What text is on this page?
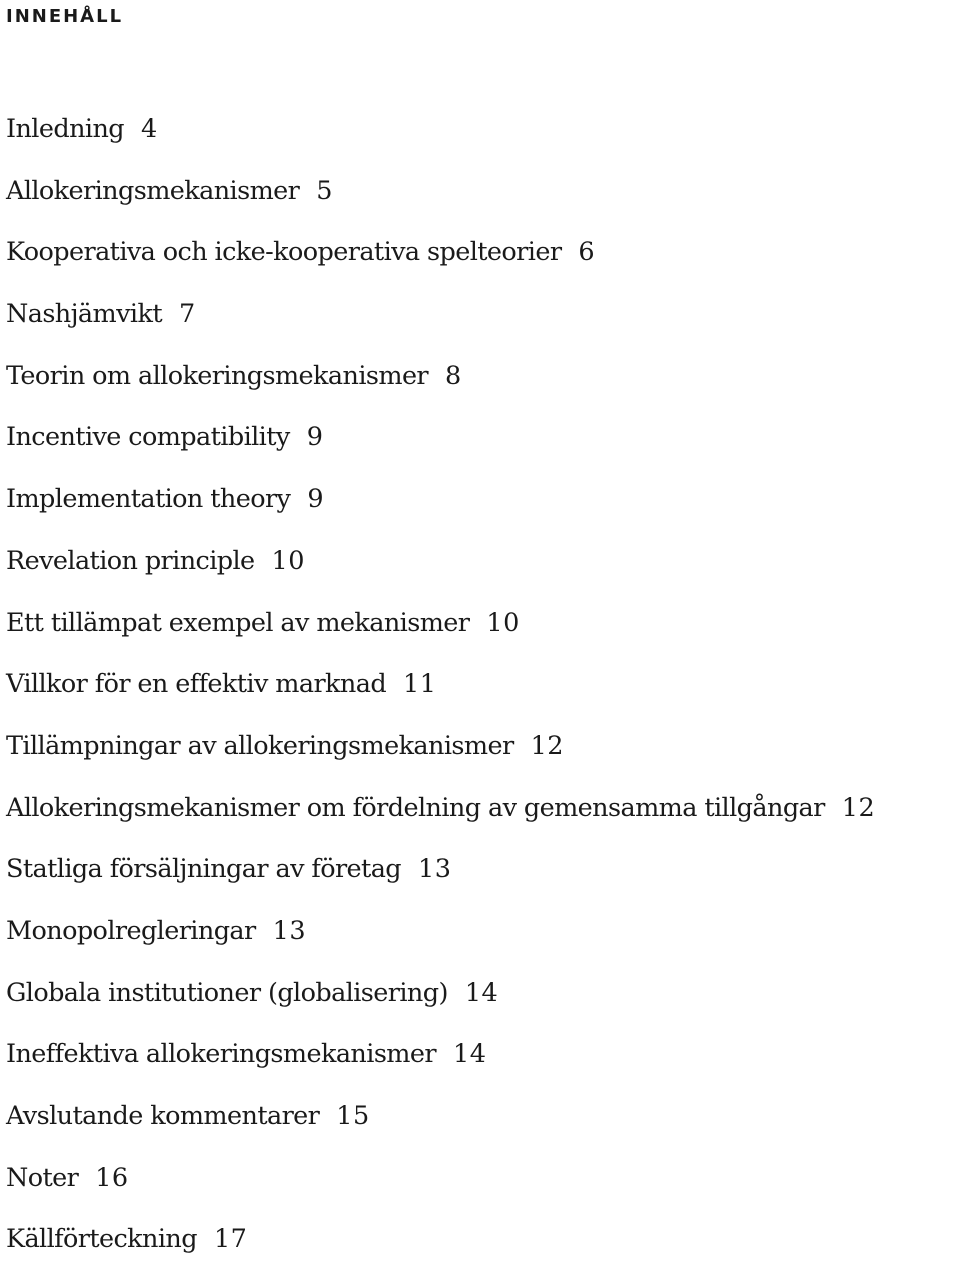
INNEHÅLL
Inledning 4
Allokeringsmekanismer 5
Kooperativa och icke-kooperativa spelteorier 6
Nashjämvikt 7
Teorin om allokeringsmekanismer 8
Incentive compatibility 9
Implementation theory 9
Revelation principle 10
Ett tillämpat exempel av mekanismer 10
Villkor för en effektiv marknad 11
Tillämpningar av allokeringsmekanismer 12
Allokeringsmekanismer om fördelning av gemensamma tillgångar 12
Statliga försäljningar av företag 13
Monopolregleringar 13
Globala institutioner (globalisering) 14
Ineffektiva allokeringsmekanismer 14
Avslutande kommentarer 15
Noter 16
Källförteckning 17
